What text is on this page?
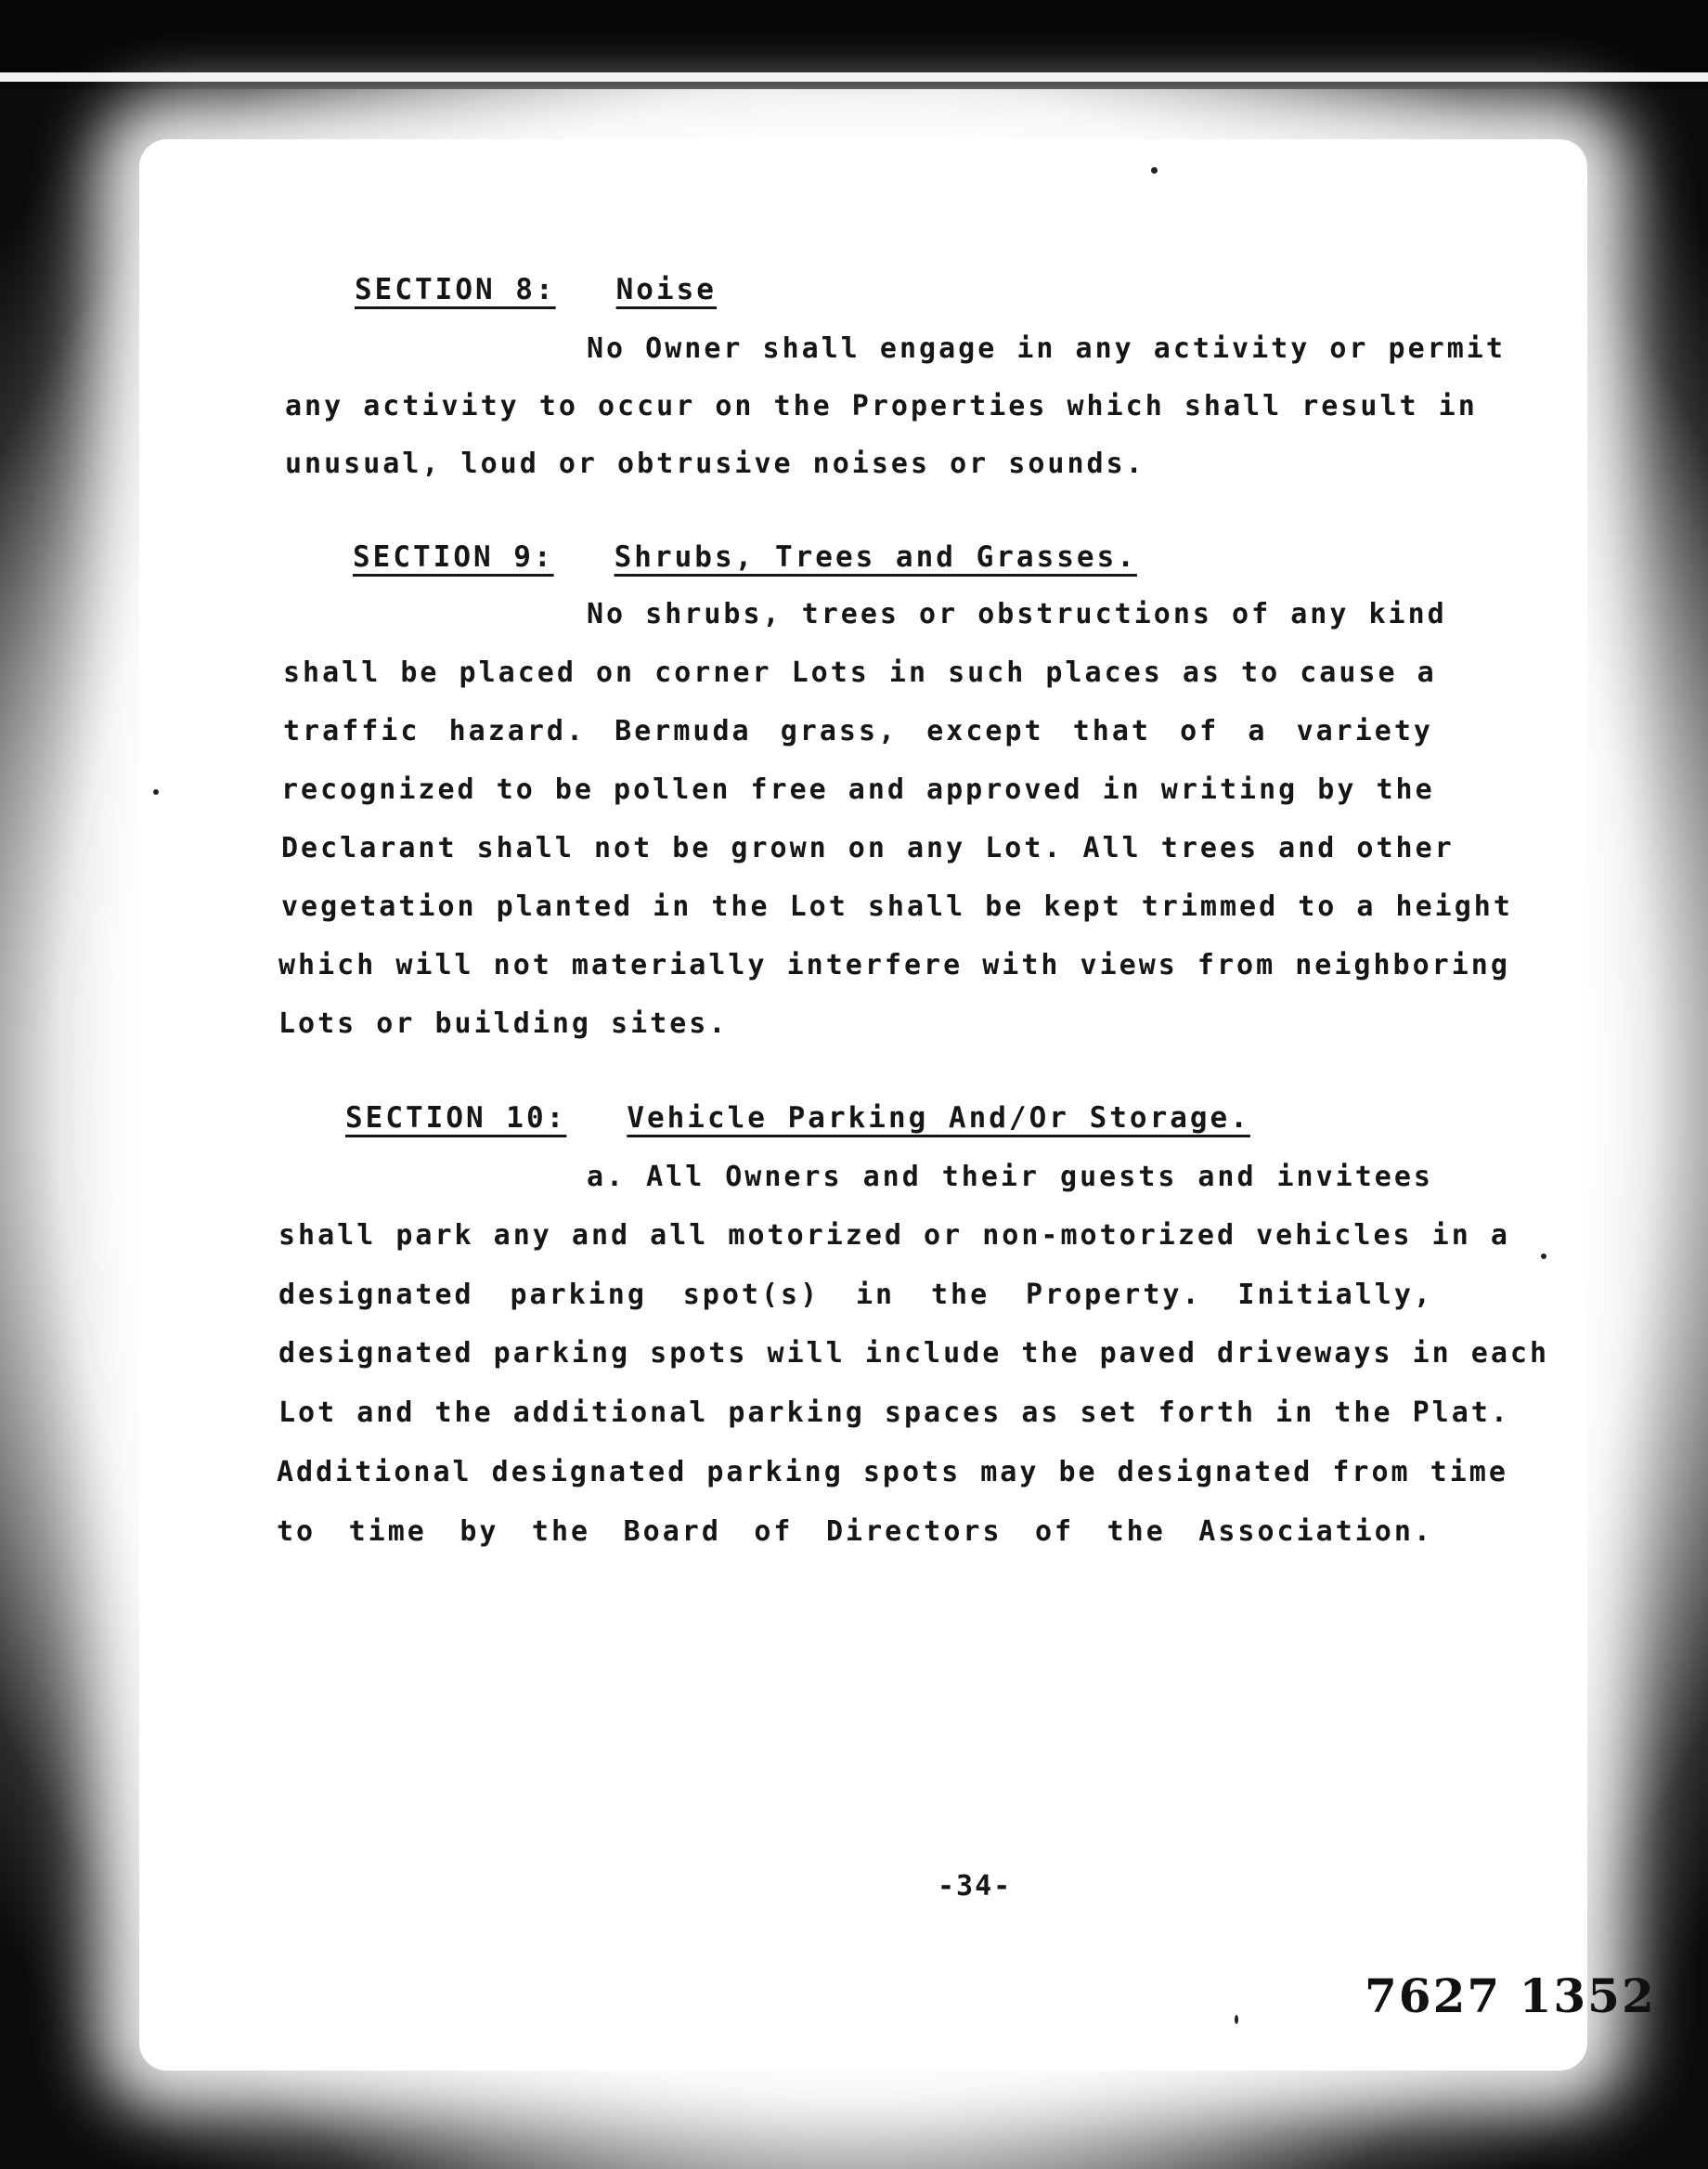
SECTION 8: Noise
No Owner shall engage in any activity or permit
any activity to occur on the Properties which shall result in
unusual, loud or obtrusive noises or sounds.
SECTION 9: Shrubs, Trees and Grasses.
No shrubs, trees or obstructions of any kind
shall be placed on corner Lots in such places as to cause a
traffic hazard. Bermuda grass, except that of a variety
recognized to be pollen free and approved in writing by the
Declarant shall not be grown on any Lot. All trees and other
vegetation planted in the Lot shall be kept trimmed to a height
which will not materially interfere with views from neighboring
Lots or building sites.
SECTION 10: Vehicle Parking And/Or Storage.
a. All Owners and their guests and invitees
shall park any and all motorized or non-motorized vehicles in a
designated parking spot(s) in the Property. Initially,
designated parking spots will include the paved driveways in each
Lot and the additional parking spaces as set forth in the Plat.
Additional designated parking spots may be designated from time
to time by the Board of Directors of the Association.
-34-
7627 1352
